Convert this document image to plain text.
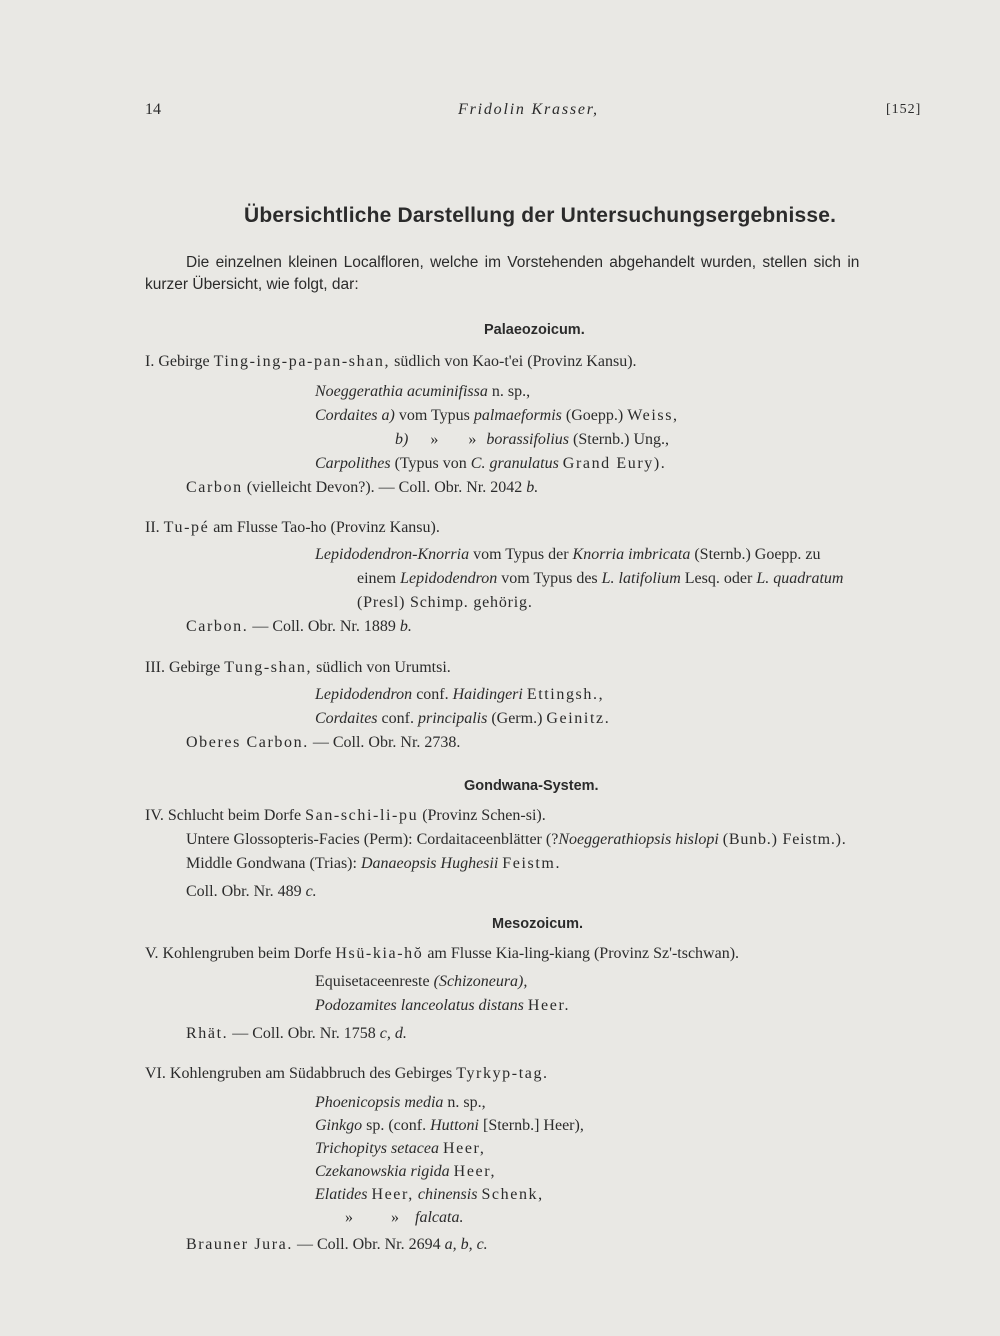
14	Fridolin Krasser,	[152]
Übersichtliche Darstellung der Untersuchungsergebnisse.
Die einzelnen kleinen Localfloren, welche im Vorstehenden abgehandelt wurden, stellen sich in
kurzer Übersicht, wie folgt, dar:
Palaeozoicum.
I. Gebirge Ting-ing-pa-pan-shan, südlich von Kao-t'ei (Provinz Kansu).
Noeggerathia acuminifissa n. sp.,
Cordaites a) vom Typus palmaeformis (Goepp.) Weiss,
b) » » borassifolius (Sternb.) Ung.,
Carpolithes (Typus von C. granulatus Grand Eury).
Carbon (vielleicht Devon?). — Coll. Obr. Nr. 2042 b.
II. Tu-pé am Flusse Tao-ho (Provinz Kansu).
Lepidodendron-Knorria vom Typus der Knorria imbricata (Sternb.) Goepp. zu
einem Lepidodendron vom Typus des L. latifolium Lesq. oder L. quadratum
(Presl) Schimp. gehörig.
Carbon. — Coll. Obr. Nr. 1889 b.
III. Gebirge Tung-shan, südlich von Urumtsi.
Lepidodendron conf. Haidingeri Ettingsh.,
Cordaites conf. principalis (Germ.) Geinitz.
Oberes Carbon. — Coll. Obr. Nr. 2738.
Gondwana-System.
IV. Schlucht beim Dorfe San-schi-li-pu (Provinz Schen-si).
Untere Glossopteris-Facies (Perm): Cordaitaceenblätter (?Noeggerathiopsis hislopi (Bunb.) Feistm.).
Middle Gondwana (Trias): Danaeopsis Hughesii Feistm.
Coll. Obr. Nr. 489 c.
Mesozoicum.
V. Kohlengruben beim Dorfe Hsü-kia-hŏ am Flusse Kia-ling-kiang (Provinz Sz'-tschwan).
Equisetaceenreste (Schizoneura),
Podozamites lanceolatus distans Heer.
Rhät. — Coll. Obr. Nr. 1758 c, d.
VI. Kohlengruben am Südabbruch des Gebirges Tyrkyp-tag.
Phoenicopsis media n. sp.,
Ginkgo sp. (conf. Huttoni [Sternb.] Heer),
Trichopitys setacea Heer,
Czekanowskia rigida Heer,
Elatides Heer, chinensis Schenk,
» » falcata.
Brauner Jura. — Coll. Obr. Nr. 2694 a, b, c.
